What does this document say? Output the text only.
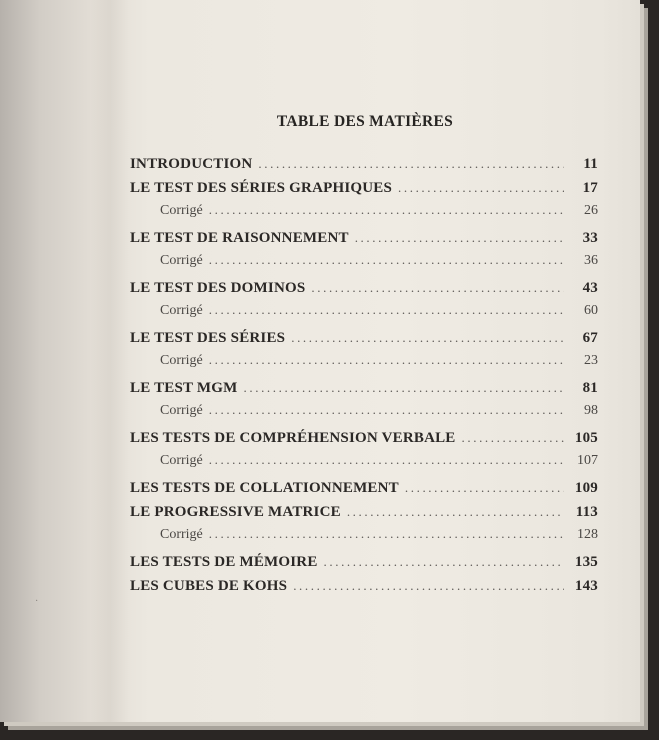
TABLE DES MATIÈRES
INTRODUCTION .....	11
LE TEST DES SÉRIES GRAPHIQUES .....	17
Corrigé .....	26
LE TEST DE RAISONNEMENT .....	33
Corrigé .....	36
LE TEST DES DOMINOS .....	43
Corrigé .....	60
LE TEST DES SÉRIES .....	67
Corrigé .....	23
LE TEST MGM .....	81
Corrigé .....	98
LES TESTS DE COMPRÉHENSION VERBALE .....	105
Corrigé .....	107
LES TESTS DE COLLATIONNEMENT .....	109
LE PROGRESSIVE MATRICE .....	113
Corrigé .....	128
LES TESTS DE MÉMOIRE .....	135
LES CUBES DE KOHS .....	143
·
